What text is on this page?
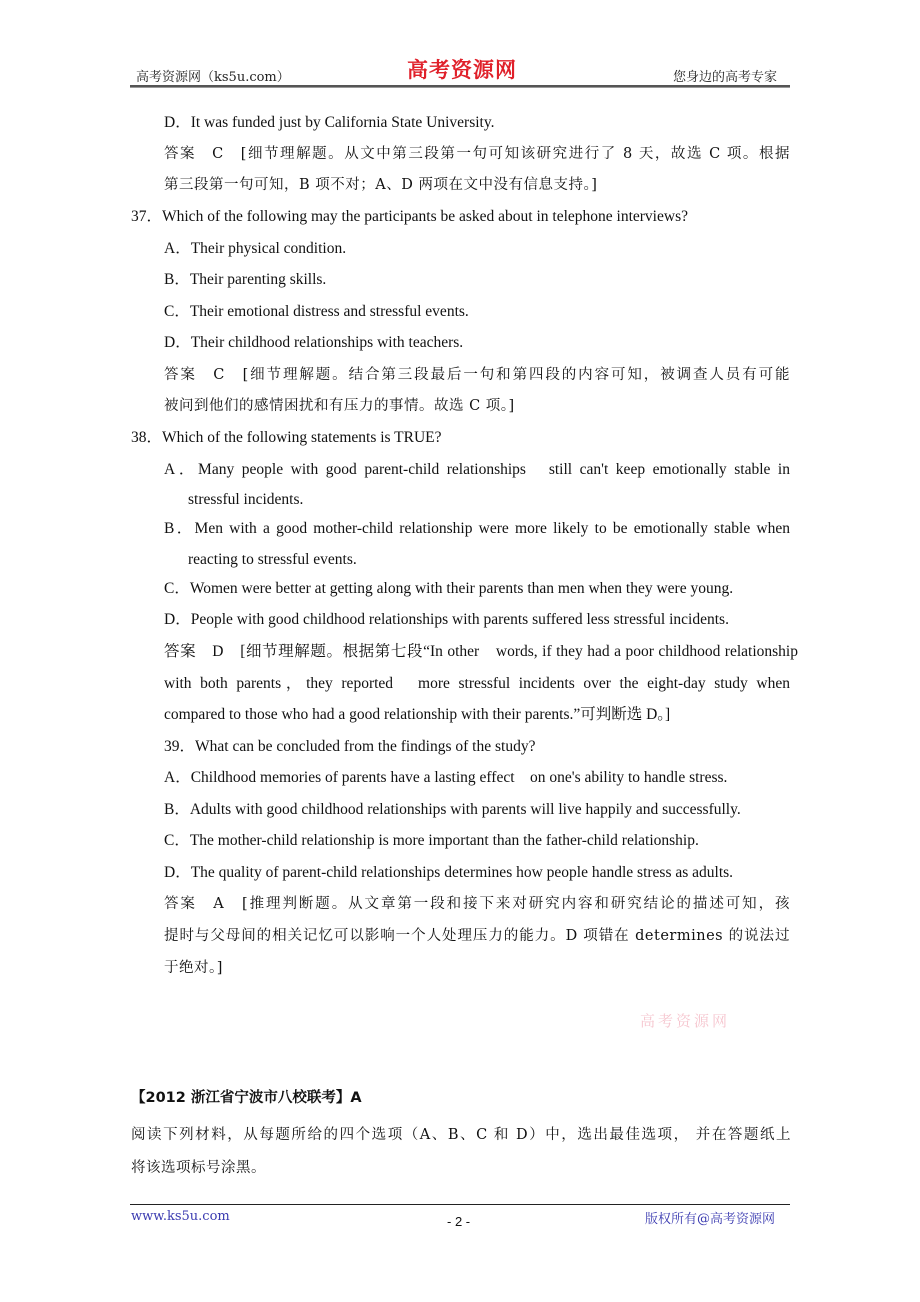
高考资源网（ks5u.com）	高考资源网	您身边的高考专家
D．It was funded just by California State University.
答案　C　[细节理解题。从文中第三段第一句可知该研究进行了 8 天，故选 C 项。根据
第三段第一句可知，B 项不对；A、D 两项在文中没有信息支持。]
37．Which of the following may the participants be asked about in telephone interviews?
A．Their physical condition.
B．Their parenting skills.
C．Their emotional distress and stressful events.
D．Their childhood relationships with teachers.
答案　C　[细节理解题。结合第三段最后一句和第四段的内容可知，被调查人员有可能
被问到他们的感情困扰和有压力的事情。故选 C 项。]
38．Which of the following statements is TRUE?
A．Many people with good parent-child relationships　still can't keep emotionally stable in
stressful incidents.
B．Men with a good mother-child relationship were more likely to be emotionally stable when
reacting to stressful events.
C．Women were better at getting along with their parents than men when they were young.
D．People with good childhood relationships with parents suffered less stressful incidents.
答案　D　[细节理解题。根据第七段“In other　words, if they had a poor childhood relationship
with both parents，they reported　more stressful incidents over the eight-day study when
compared to those who had a good relationship with their parents.”可判断选 D。]
39．What can be concluded from the findings of the study?
A．Childhood memories of parents have a lasting effect　on one's ability to handle stress.
B．Adults with good childhood relationships with parents will live happily and successfully.
C．The mother-child relationship is more important than the father-child relationship.
D．The quality of parent-child relationships determines how people handle stress as adults.
答案　A　[推理判断题。从文章第一段和接下来对研究内容和研究结论的描述可知，孩
提时与父母间的相关记忆可以影响一个人处理压力的能力。D 项错在 determines 的说法过
于绝对。]
【2012 浙江省宁波市八校联考】A
阅读下列材料，从每题所给的四个选项（A、B、C 和 D）中，选出最佳选项， 并在答题纸上
将该选项标号涂黑。
高考资源网
www.ks5u.com	- 2 -	版权所有@高考资源网
